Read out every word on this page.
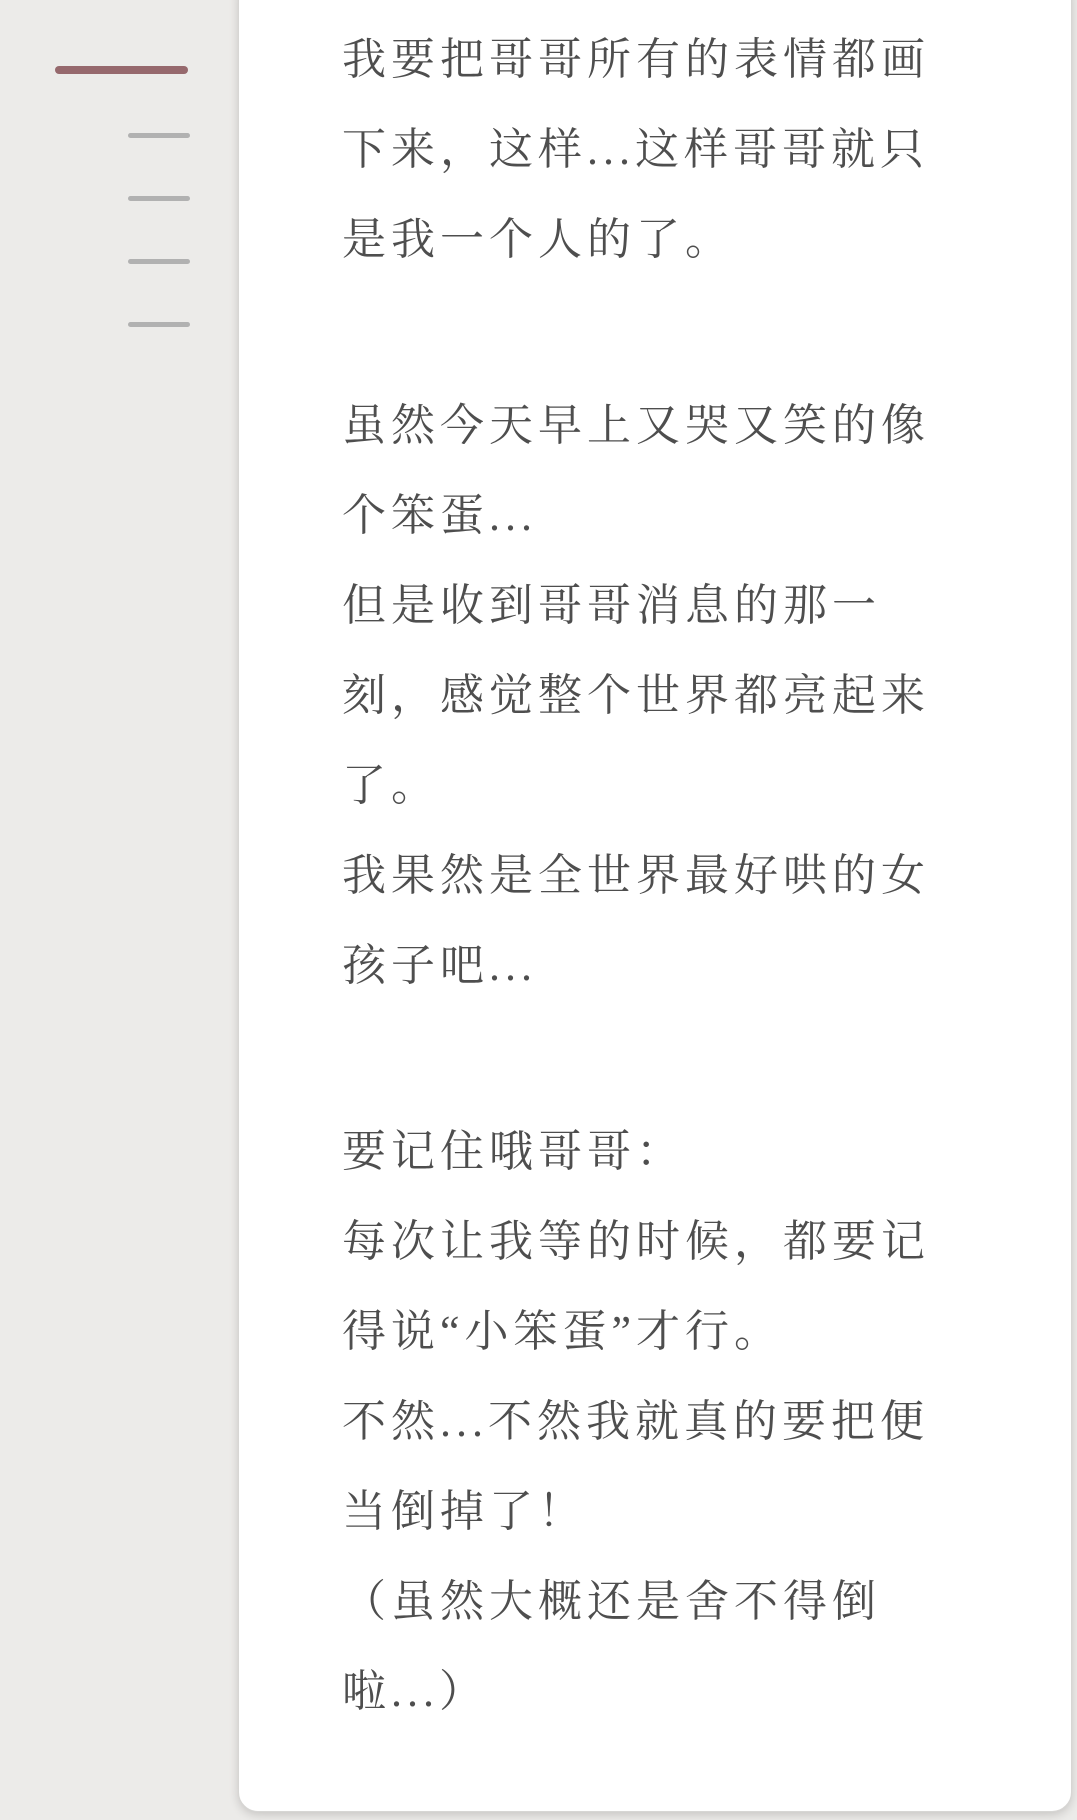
我要把哥哥所有的表情都画
下来，这样...这样哥哥就只
是我一个人的了。
虽然今天早上又哭又笑的像
个笨蛋...
但是收到哥哥消息的那一
刻，感觉整个世界都亮起来
了。
我果然是全世界最好哄的女
孩子吧...
要记住哦哥哥：
每次让我等的时候，都要记
得说“小笨蛋”才行。
不然...不然我就真的要把便
当倒掉了！
（虽然大概还是舍不得倒
啦...）
